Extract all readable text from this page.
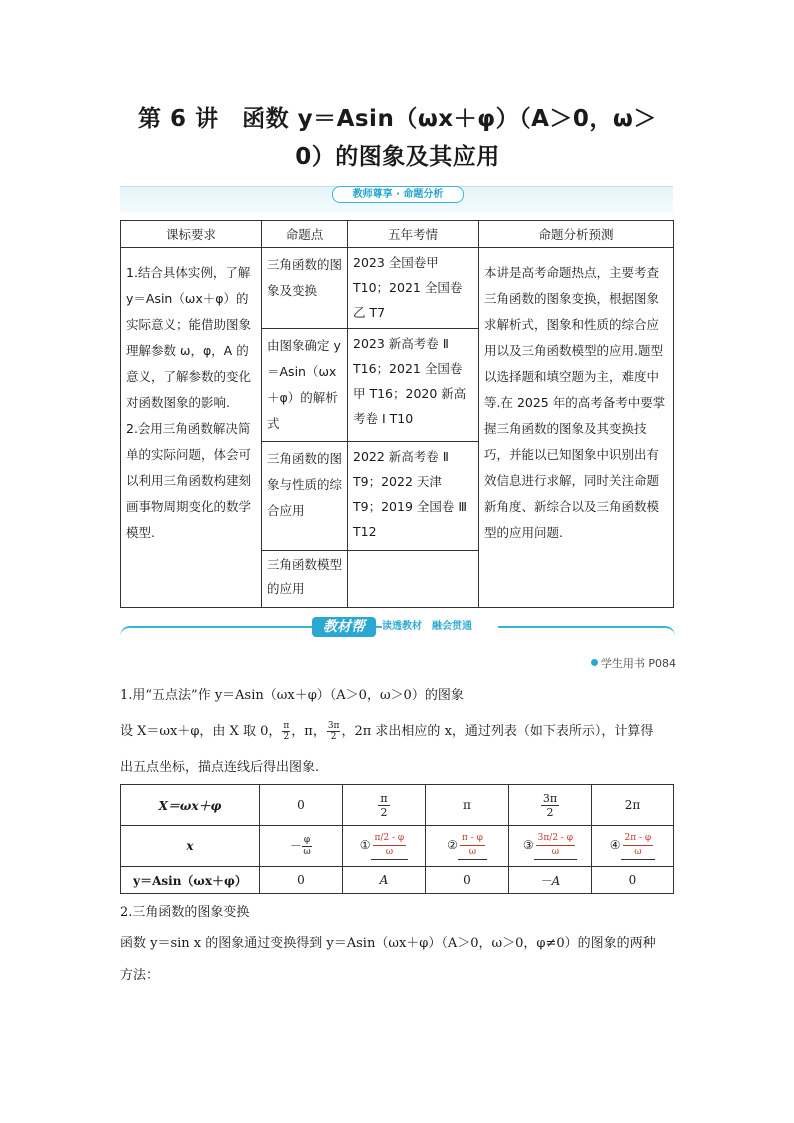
第 6 讲　函数 y＝Asin（ωx＋φ）（A＞0，ω＞
0）的图象及其应用
教师尊享 · 命题分析
课标要求	命题点	五年考情	命题分析预测

1.结合具体实例，了解 y＝Asin（ωx＋φ）的实际意义；能借助图象理解参数 ω，φ，A 的意义，了解参数的变化对函数图象的影响.
2.会用三角函数解决简单的实际问题，体会可以利用三角函数构建刻画事物周期变化的数学模型.	三角函数的图象及变换	2023 全国卷甲 T10；2021 全国卷乙 T7	本讲是高考命题热点，主要考查三角函数的图象变换，根据图象求解析式，图象和性质的综合应用以及三角函数模型的应用.题型以选择题和填空题为主，难度中等.在 2025 年的高考备考中要掌握三角函数的图象及其变换技巧，并能以已知图象中识别出有效信息进行求解，同时关注命题新角度、新综合以及三角函数模型的应用问题.

	由图象确定 y＝Asin（ωx＋φ）的解析式	2023 新高考卷 Ⅱ T16；2021 全国卷甲 T16；2020 新高考卷 Ⅰ T10	

	三角函数的图象与性质的综合应用	2022 新高考卷 Ⅱ T9；2022 天津 T9；2019 全国卷 Ⅲ T12	

	三角函数模型的应用		

教材帮	读透教材　融会贯通
学生用书 P084
1.用“五点法”作 y＝Asin（ωx＋φ）（A＞0，ω＞0）的图象
设 X＝ωx＋φ，由 X 取 0， $\frac{\pi}{2}$ ，π， $\frac{3\pi}{2}$ ，2π 求出相应的 x，通过列表（如下表所示），计算得
出五点坐标，描点连线后得出图象.
X＝ωx＋φ	0	$\frac{\pi}{2}$	π	$\frac{3\pi}{2}$	2π
x	－ $\frac{\varphi}{\omega}$	① $\frac{\pi/2 - \varphi}{\omega}$	② $\frac{\pi - \varphi}{\omega}$	③ $\frac{3\pi/2 - \varphi}{\omega}$	④ $\frac{2\pi - \varphi}{\omega}$
y＝Asin（ωx＋φ）	0	A	0	－A	0
2.三角函数的图象变换
函数 y＝sin x 的图象通过变换得到 y＝Asin（ωx＋φ）（A＞0，ω＞0，φ≠0）的图象的两种
方法：
